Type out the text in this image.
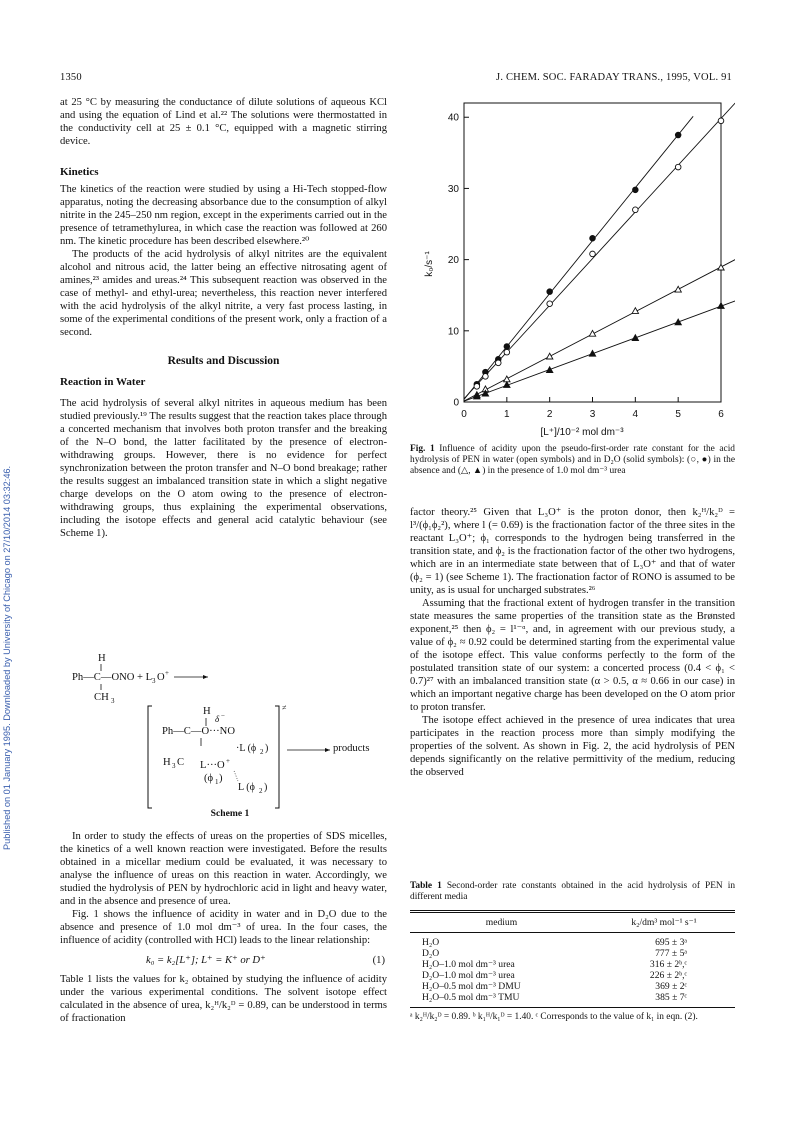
Published on 01 January 1995. Downloaded by University of Chicago on 27/10/2014 03:32:46.
1350	J. CHEM. SOC. FARADAY TRANS., 1995, VOL. 91

at 25 °C by measuring the conductance of dilute solutions of aqueous KCl and using the equation of Lind et al.²² The solutions were thermostatted in the conductivity cell at 25 ± 0.1 °C, equipped with a magnetic stirring device.

Kinetics

The kinetics of the reaction were studied by using a Hi-Tech stopped-flow apparatus, noting the decreasing absorbance due to the consumption of alkyl nitrite in the 245–250 nm region, except in the experiments carried out in the presence of tetramethylurea, in which case the reaction was followed at 260 nm. The kinetic procedure has been described elsewhere.²⁰

The products of the acid hydrolysis of alkyl nitrites are the equivalent alcohol and nitrous acid, the latter being an effective nitrosating agent of amines,²³ amides and ureas.²⁴ This subsequent reaction was observed in the case of methyl- and ethyl-urea; nevertheless, this reaction never interfered with the acid hydrolysis of the alkyl nitrite, a very fast process lasting, in some of the experimental conditions of the present work, only a fraction of a second.

Results and Discussion
Reaction in Water

The acid hydrolysis of several alkyl nitrites in aqueous medium has been studied previously.¹⁹ The results suggest that the reaction takes place through a concerted mechanism that involves both proton transfer and the breaking of the N–O bond, the latter facilitated by the presence of electron-withdrawing groups. However, there is no evidence for perfect synchronization between the proton transfer and N–O bond breakage; rather the results suggest an imbalanced transition state in which a slight negative charge develops on the O atom owing to the presence of electron-withdrawing groups, thus explaining the experimental observations, including the isotope effects and general acid catalytic behaviour (see Scheme 1).

H
Ph—C—ONO + L 3 O +
CH 3
≠
H
δ −
Ph—C—O···NO
·L (ϕ 2 )
H 3 C L···O +
(ϕ 1 )
L (ϕ 2 )
products
Scheme 1

In order to study the effects of ureas on the properties of SDS micelles, the kinetics of a well known reaction were investigated. Before the results obtained in a micellar medium could be evaluated, it was necessary to analyse the influence of ureas on this reaction in water. Accordingly, we studied the hydrolysis of PEN by hydrochloric acid in light and heavy water, and in the absence and presence of urea.

Fig. 1 shows the influence of acidity in water and in D₂O due to the absence and presence of 1.0 mol dm⁻³ of urea. In the four cases, the influence of acidity (controlled with HCl) leads to the linear relationship:

k₀ = k₂[L⁺]; L⁺ = K⁺ or D⁺	(1)

Table 1 lists the values for k₂ obtained by studying the influence of acidity under the various experimental conditions. The solvent isotope effect calculated in the absence of urea, k₂ᴴ/k₂ᴰ = 0.89, can be understood in terms of fractionation

0
10
20
30
40
0	1	2	3	4	5	6
k₀/s⁻¹
[L⁺]/10⁻² mol dm⁻³
Fig. 1 Influence of acidity upon the pseudo-first-order rate constant for the acid hydrolysis of PEN in water (open symbols) and in D₂O (solid symbols): (○, ●) in the absence and (△, ▲) in the presence of 1.0 mol dm⁻³ urea

factor theory.²⁵ Given that L₃O⁺ is the proton donor, then k₂ᴴ/k₂ᴰ = l³/(ϕ₁ϕ₂²), where l (= 0.69) is the fractionation factor of the three sites in the reactant L₃O⁺; ϕ₁ corresponds to the hydrogen being transferred in the transition state, and ϕ₂ is the fractionation factor of the other two hydrogens, which are in an intermediate state between that of L₃O⁺ and that of water (ϕ₂ = 1) (see Scheme 1). The fractionation factor of RONO is assumed to be unity, as is usual for uncharged substrates.²⁶

Assuming that the fractional extent of hydrogen transfer in the transition state measures the same properties of the transition state as the Brønsted exponent,²⁵ then ϕ₂ = l¹⁻ᵅ, and, in agreement with our previous study, a value of ϕ₂ ≈ 0.92 could be determined starting from the experimental value of the isotope effect. This value conforms perfectly to the form of the postulated transition state of our system: a concerted process (0.4 < ϕ₁ < 0.7)²⁷ with an imbalanced transition state (α > 0.5, α ≈ 0.66 in our case) in which an important negative charge has been developed on the O atom prior to proton transfer.

The isotope effect achieved in the presence of urea indicates that urea participates in the reaction process more than simply modifying the properties of the solvent. As shown in Fig. 2, the acid hydrolysis of PEN depends significantly on the relative permittivity of the medium, reducing the observed

Table 1 Second-order rate constants obtained in the acid hydrolysis of PEN in different media
medium	k₂/dm³ mol⁻¹ s⁻¹

H₂O	695 ± 3ᵃ
D₂O	777 ± 5ᵃ
H₂O–1.0 mol dm⁻³ urea	316 ± 2ᵇ,ᶜ
D₂O–1.0 mol dm⁻³ urea	226 ± 2ᵇ,ᶜ
H₂O–0.5 mol dm⁻³ DMU	369 ± 2ᶜ
H₂O–0.5 mol dm⁻³ TMU	385 ± 7ᶜ
ᵃ k₂ᴴ/k₂ᴰ = 0.89. ᵇ k₁ᴴ/k₁ᴰ = 1.40. ᶜ Corresponds to the value of k₁ in eqn. (2).
